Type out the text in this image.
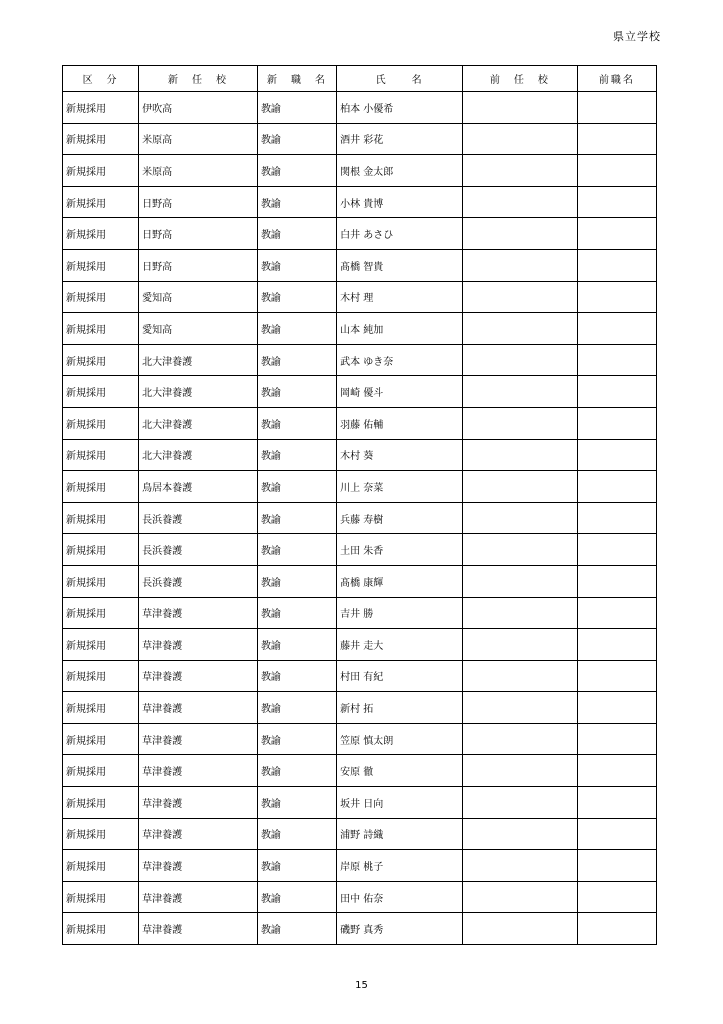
県立学校
区　分	新　任　校	新　職　名	氏　　名	前　任　校	前職名
新規採用	伊吹高	教諭	柏本 小優希		
新規採用	米原高	教諭	酒井 彩花		
新規採用	米原高	教諭	関根 金太郎		
新規採用	日野高	教諭	小林 貴博		
新規採用	日野高	教諭	白井 あさひ		
新規採用	日野高	教諭	髙橋 智貴		
新規採用	愛知高	教諭	木村 理		
新規採用	愛知高	教諭	山本 純加		
新規採用	北大津養護	教諭	武本 ゆき奈		
新規採用	北大津養護	教諭	岡崎 優斗		
新規採用	北大津養護	教諭	羽藤 佑輔		
新規採用	北大津養護	教諭	木村 葵		
新規採用	鳥居本養護	教諭	川上 奈菜		
新規採用	長浜養護	教諭	兵藤 寿樹		
新規採用	長浜養護	教諭	土田 朱香		
新規採用	長浜養護	教諭	髙橋 康輝		
新規採用	草津養護	教諭	吉井 勝		
新規採用	草津養護	教諭	藤井 走大		
新規採用	草津養護	教諭	村田 有紀		
新規採用	草津養護	教諭	新村 拓		
新規採用	草津養護	教諭	笠原 慎太朗		
新規採用	草津養護	教諭	安原 徹		
新規採用	草津養護	教諭	坂井 日向		
新規採用	草津養護	教諭	浦野 詩織		
新規採用	草津養護	教諭	岸原 桃子		
新規採用	草津養護	教諭	田中 佑奈		
新規採用	草津養護	教諭	磯野 真秀		
15
